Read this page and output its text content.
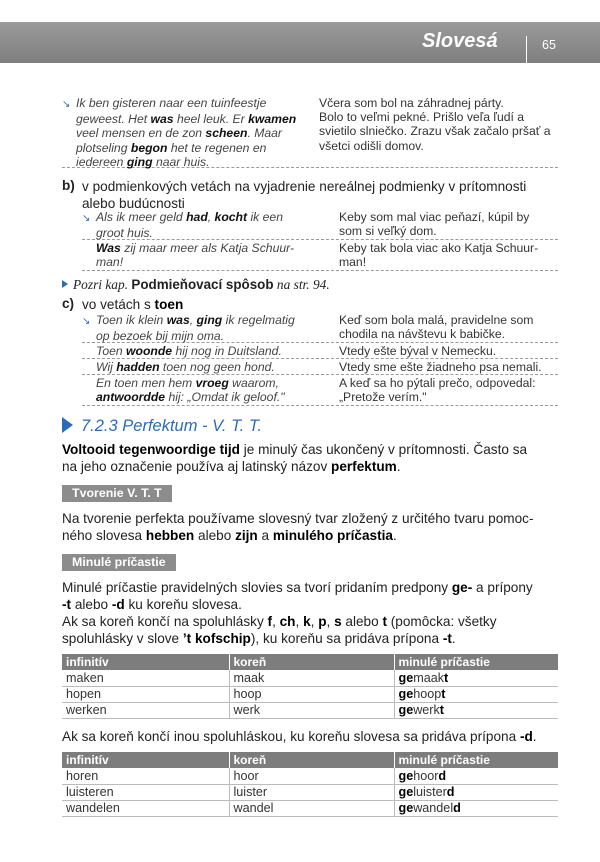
Slovesá	65
↘ Ik ben gisteren naar een tuinfeestje
geweest. Het was heel leuk. Er kwamen
veel mensen en de zon scheen. Maar
plotseling begon het te regenen en
iedereen ging naar huis.
Včera som bol na záhradnej párty.
Bolo to veľmi pekné. Prišlo veľa ľudí a
svietilo slniečko. Zrazu však začalo pršať a
všetci odišli domov.
b) v podmienkových vetách na vyjadrenie nereálnej podmienky v prítomnosti
alebo budúcnosti
↘ Als ik meer geld had, kocht ik een
groot huis.
Keby som mal viac peňazí, kúpil by
som si veľký dom.
Was zij maar meer als Katja Schuur-
man!
Keby tak bola viac ako Katja Schuur-
man!
Pozri kap. Podmieňovací spôsob na str. 94.
c) vo vetách s toen
↘ Toen ik klein was, ging ik regelmatig
op bezoek bij mijn oma.
Keď som bola malá, pravidelne som
chodila na návštevu k babičke.
Toen woonde hij nog in Duitsland.	Vtedy ešte býval v Nemecku.
Wij hadden toen nog geen hond.	Vtedy sme ešte žiadneho psa nemali.
En toen men hem vroeg waarom,
antwoordde hij: „Omdat ik geloof."
A keď sa ho pýtali prečo, odpovedal:
„Pretože verím."
7.2.3 Perfektum - V. T. T.
Voltooid tegenwoordige tijd je minulý čas ukončený v prítomnosti. Často sa
na jeho označenie používa aj latinský názov perfektum.
Tvorenie V. T. T
Na tvorenie perfekta používame slovesný tvar zložený z určitého tvaru pomoc-
ného slovesa hebben alebo zijn a minulého príčastia.
Minulé príčastie
Minulé príčastie pravidelných slovies sa tvorí pridaním predpony ge- a prípony
-t alebo -d ku koreňu slovesa.
Ak sa koreň končí na spoluhlásky f, ch, k, p, s alebo t (pomôcka: všetky
spoluhlásky v slove ’t kofschip), ku koreňu sa pridáva prípona -t.
infinitív	koreň	minulé príčastie
maken	maak	gemaakt
hopen	hoop	gehoopt
werken	werk	gewerkt
Ak sa koreň končí inou spoluhláskou, ku koreňu slovesa sa pridáva prípona -d.
infinitív	koreň	minulé príčastie
horen	hoor	gehoord
luisteren	luister	geluisterd
wandelen	wandel	gewandeld
